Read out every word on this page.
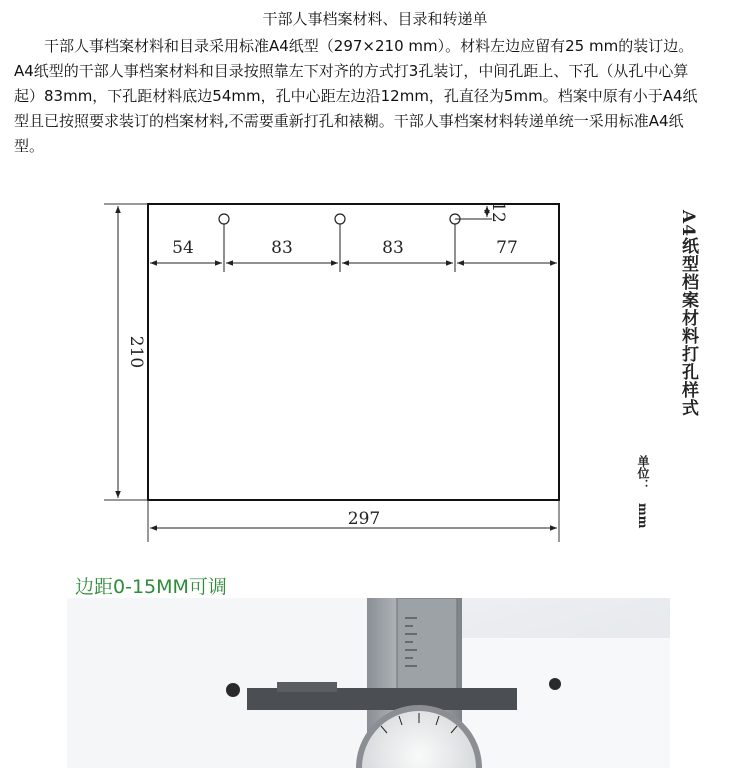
干部人事档案材料、目录和转递单
干部人事档案材料和目录采用标准A4纸型（297×210 mm）。材料左边应留有25 mm的装订边。A4纸型的干部人事档案材料和目录按照靠左下对齐的方式打3孔装订，中间孔距上、下孔（从孔中心算起）83mm，下孔距材料底边54mm，孔中心距左边沿12mm，孔直径为5mm。档案中原有小于A4纸型且已按照要求装订的档案材料,不需要重新打孔和裱糊。干部人事档案材料转递单统一采用标准A4纸型。
54	83	83	77
12
210
297
A4纸型档案材料打孔样式
单位：mm
边距0-15MM可调
